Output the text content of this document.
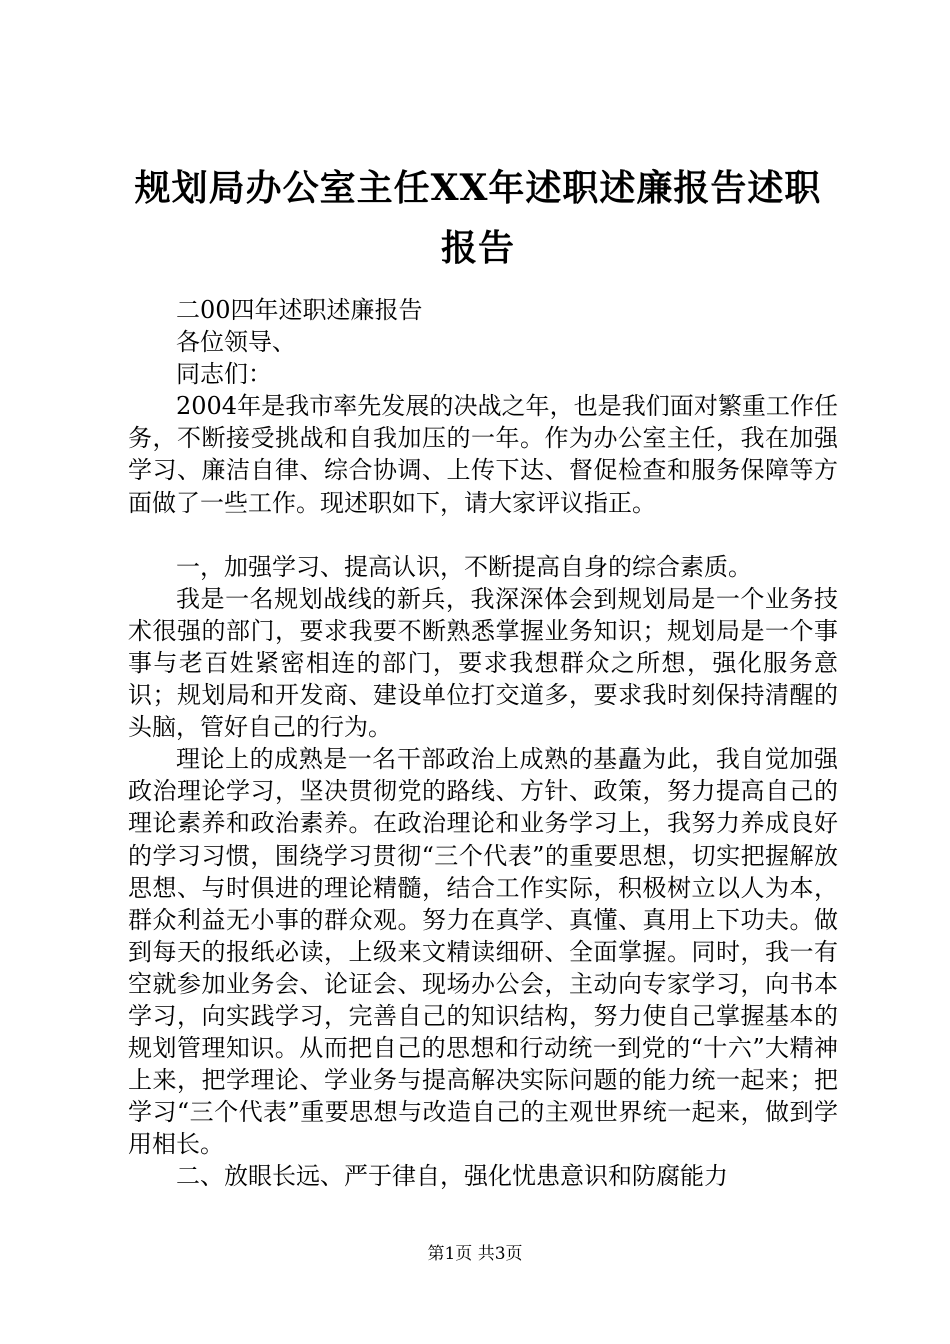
规划局办公室主任XX年述职述廉报告述职报告

二00四年述职述廉报告

各位领导、

同志们：

2004年是我市率先发展的决战之年，也是我们面对繁重工作任务，不断接受挑战和自我加压的一年。作为办公室主任，我在加强学习、廉洁自律、综合协调、上传下达、督促检查和服务保障等方面做了一些工作。现述职如下，请大家评议指正。

一，加强学习、提高认识，不断提高自身的综合素质。

我是一名规划战线的新兵，我深深体会到规划局是一个业务技术很强的部门，要求我要不断熟悉掌握业务知识；规划局是一个事事与老百姓紧密相连的部门，要求我想群众之所想，强化服务意识；规划局和开发商、建设单位打交道多，要求我时刻保持清醒的头脑，管好自己的行为。

理论上的成熟是一名干部政治上成熟的基矗为此，我自觉加强政治理论学习，坚决贯彻党的路线、方针、政策，努力提高自己的理论素养和政治素养。在政治理论和业务学习上，我努力养成良好的学习习惯，围绕学习贯彻“三个代表”的重要思想，切实把握解放思想、与时俱进的理论精髓，结合工作实际，积极树立以人为本，群众利益无小事的群众观。努力在真学、真懂、真用上下功夫。做到每天的报纸必读，上级来文精读细研、全面掌握。同时，我一有空就参加业务会、论证会、现场办公会，主动向专家学习，向书本学习，向实践学习，完善自己的知识结构，努力使自己掌握基本的规划管理知识。从而把自己的思想和行动统一到党的“十六”大精神上来，把学理论、学业务与提高解决实际问题的能力统一起来；把学习“三个代表”重要思想与改造自己的主观世界统一起来，做到学用相长。

二、放眼长远、严于律自，强化忧患意识和防腐能力

第1页 共3页
